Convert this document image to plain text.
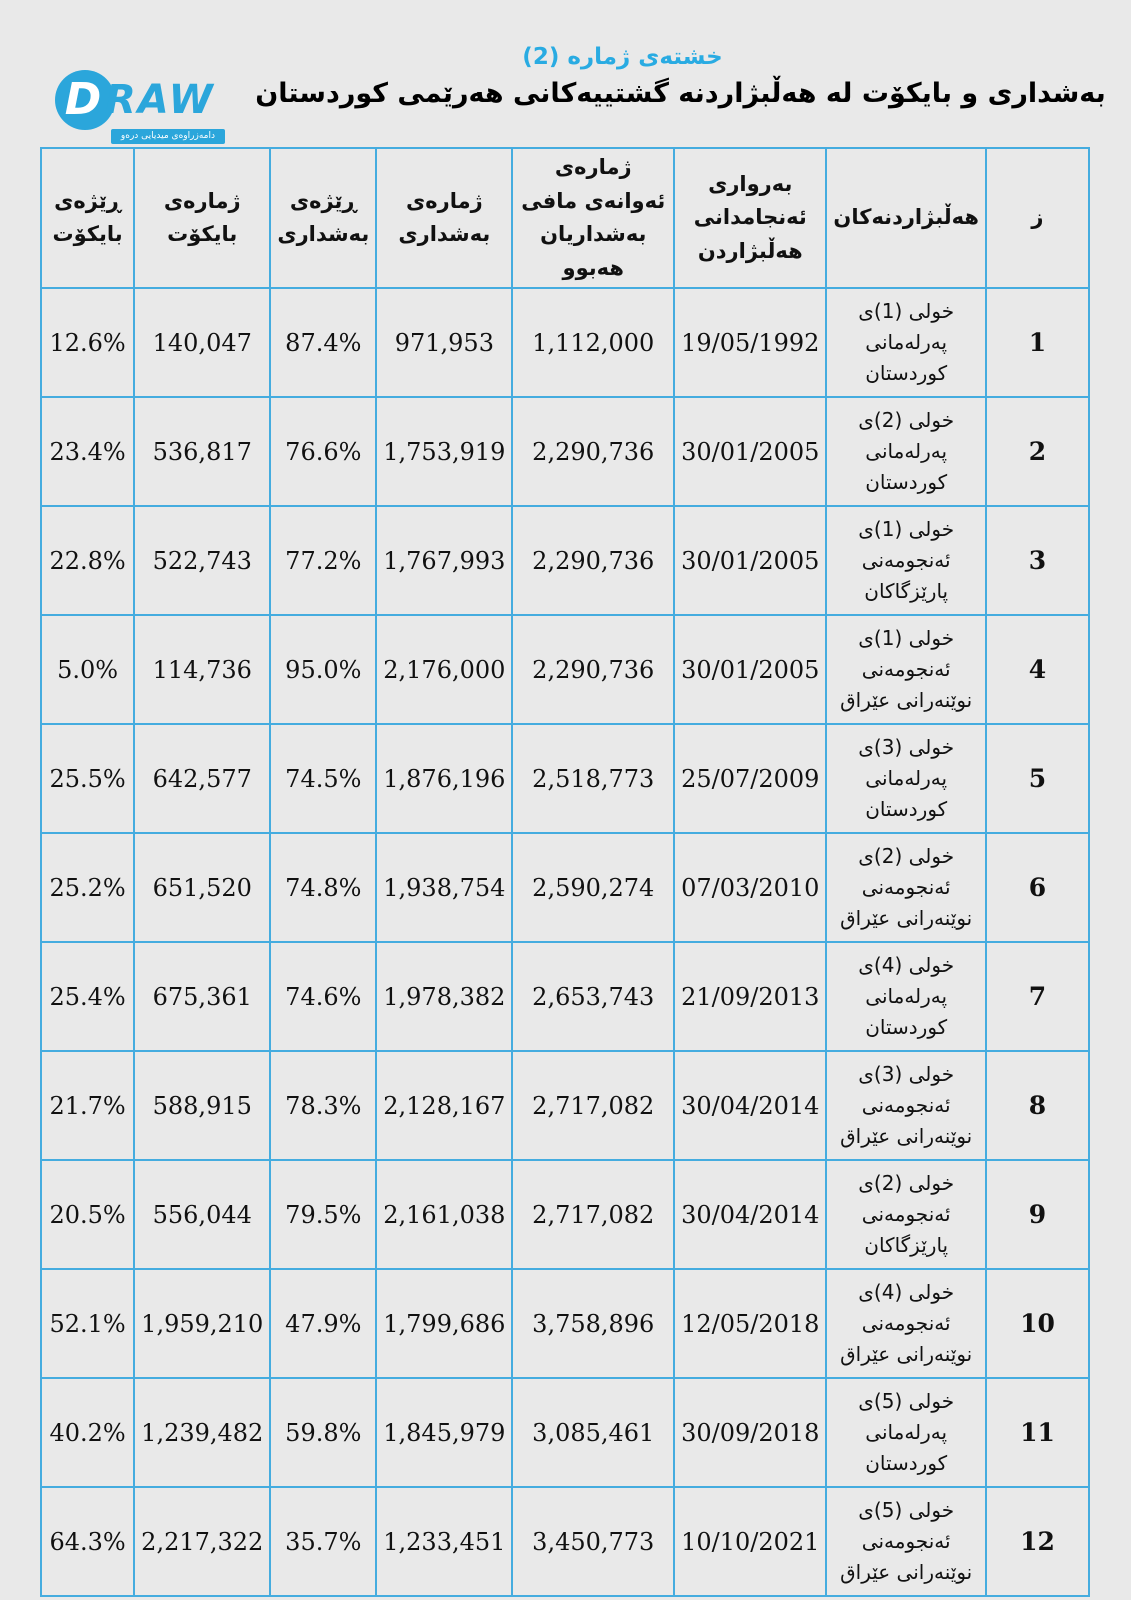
D RAW
دامەزراوەی میدیایی درەو
خشتەی ژماره (2)
بەشداری و بایکۆت له هەڵبژاردنه گشتییەکانی هەرێمی کوردستان
ز	هەڵبژاردنەکان	بەرواری ئەنجامدانی هەڵبژاردن	ژمارەی ئەوانەی مافی بەشداریان هەبوو	ژمارەی بەشداری	ڕێژەی بەشداری	ژمارەی بایکۆت	ڕێژەی بایکۆت
1	خولی (1)ی پەرلەمانی کوردستان	19/05/1992	1,112,000	971,953	87.4%	140,047	12.6%
2	خولی (2)ی پەرلەمانی کوردستان	30/01/2005	2,290,736	1,753,919	76.6%	536,817	23.4%
3	خولی (1)ی ئەنجومەنی پارێزگاکان	30/01/2005	2,290,736	1,767,993	77.2%	522,743	22.8%
4	خولی (1)ی ئەنجومەنی نوێنەرانی عێراق	30/01/2005	2,290,736	2,176,000	95.0%	114,736	5.0%
5	خولی (3)ی پەرلەمانی کوردستان	25/07/2009	2,518,773	1,876,196	74.5%	642,577	25.5%
6	خولی (2)ی ئەنجومەنی نوێنەرانی عێراق	07/03/2010	2,590,274	1,938,754	74.8%	651,520	25.2%
7	خولی (4)ی پەرلەمانی کوردستان	21/09/2013	2,653,743	1,978,382	74.6%	675,361	25.4%
8	خولی (3)ی ئەنجومەنی نوێنەرانی عێراق	30/04/2014	2,717,082	2,128,167	78.3%	588,915	21.7%
9	خولی (2)ی ئەنجومەنی پارێزگاکان	30/04/2014	2,717,082	2,161,038	79.5%	556,044	20.5%
10	خولی (4)ی ئەنجومەنی نوێنەرانی عێراق	12/05/2018	3,758,896	1,799,686	47.9%	1,959,210	52.1%
11	خولی (5)ی پەرلەمانی کوردستان	30/09/2018	3,085,461	1,845,979	59.8%	1,239,482	40.2%
12	خولی (5)ی ئەنجومەنی نوێنەرانی عێراق	10/10/2021	3,450,773	1,233,451	35.7%	2,217,322	64.3%
